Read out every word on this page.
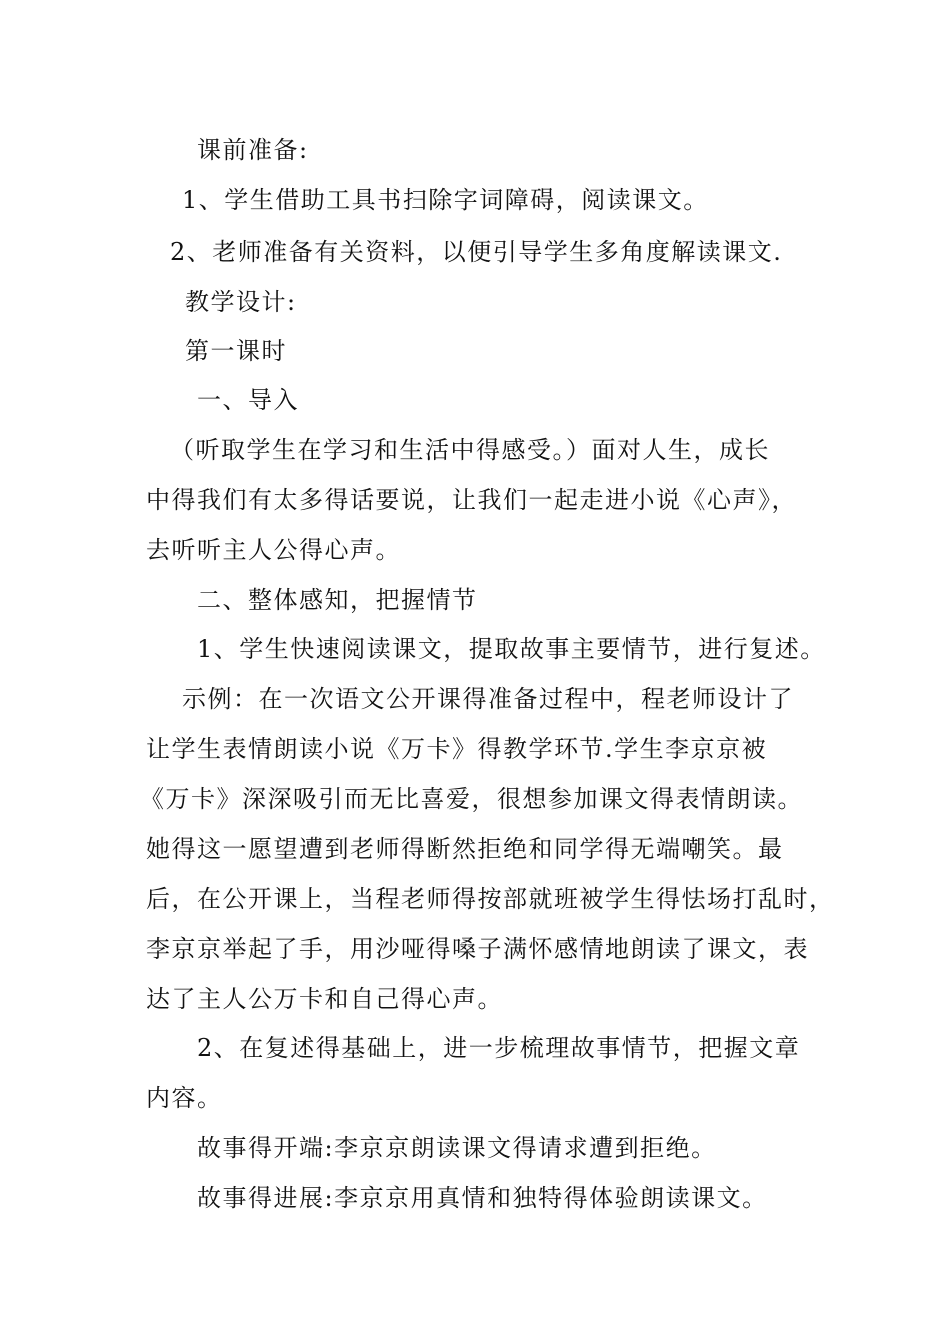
课前准备:
1、学生借助工具书扫除字词障碍，阅读课文。
2、老师准备有关资料，以便引导学生多角度解读课文.
教学设计:
第一课时
一、导入
（听取学生在学习和生活中得感受。）面对人生，成长
中得我们有太多得话要说，让我们一起走进小说《心声》，
去听听主人公得心声。
二、整体感知，把握情节
1、学生快速阅读课文，提取故事主要情节，进行复述。
示例：在一次语文公开课得准备过程中，程老师设计了
让学生表情朗读小说《万卡》得教学环节.学生李京京被
《万卡》深深吸引而无比喜爱，很想参加课文得表情朗读。
她得这一愿望遭到老师得断然拒绝和同学得无端嘲笑。最
后，在公开课上，当程老师得按部就班被学生得怯场打乱时，
李京京举起了手，用沙哑得嗓子满怀感情地朗读了课文，表
达了主人公万卡和自己得心声。
2、在复述得基础上，进一步梳理故事情节，把握文章
内容。
故事得开端:李京京朗读课文得请求遭到拒绝。
故事得进展:李京京用真情和独特得体验朗读课文。
